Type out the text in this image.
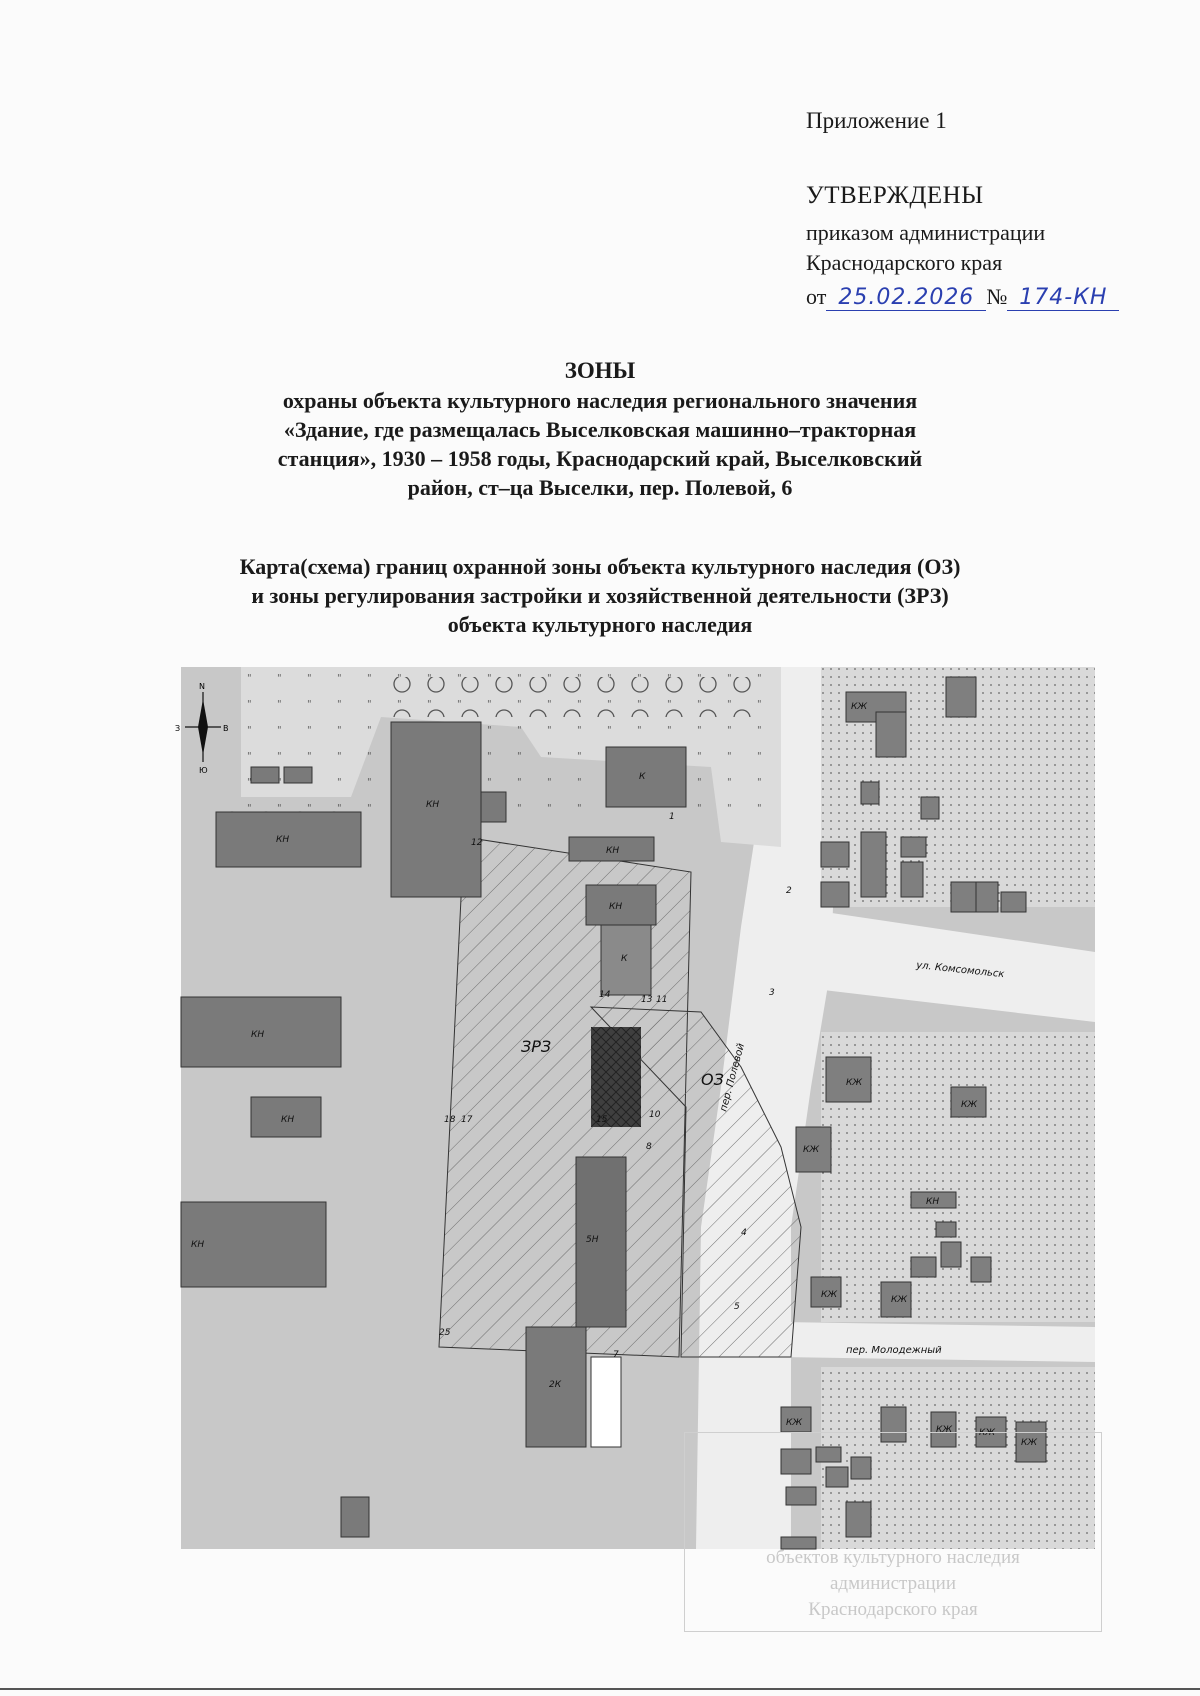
Приложение 1
УТВЕРЖДЕНЫ
приказом администрации
Краснодарского края
от 25.02.2026 № 174-КН
ЗОНЫ
охраны объекта культурного наследия регионального значения
«Здание, где размещалась Выселковская машинно–тракторная
станция», 1930 – 1958 годы, Краснодарский край, Выселковский
район, ст–ца Выселки, пер. Полевой, 6
Карта(схема) границ охранной зоны объекта культурного наследия (ОЗ)
и зоны регулирования застройки и хозяйственной деятельности (ЗРЗ)
объекта культурного наследия
ЗРЗ
ОЗ
ул. Комсомольск
пер. Полевой
пер. Молодежный
КН
КН
К
КН
КН
К
5Н
2К
КН
КН
КН
КЖ
КЖ
КЖ
КН
КЖ	КЖ
КЖ
КЖ	КЖ
КЖ
КЖ
1
2
3
4
5
10
11
12
13
14
15
17
18
25
7
8
N
З	В
Ю
объектов культурного наследия
администрации
Краснодарского края
